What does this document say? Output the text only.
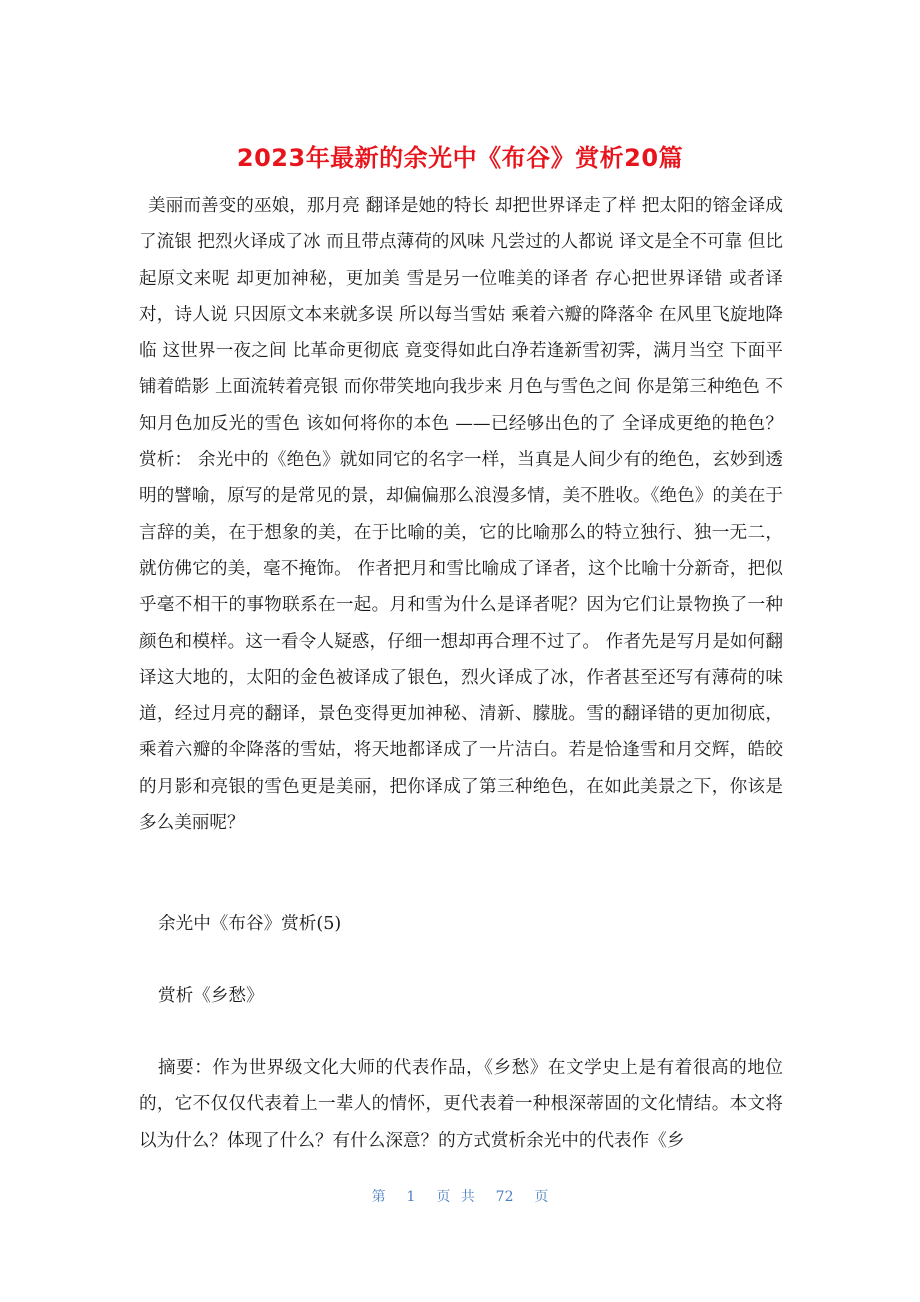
2023年最新的余光中《布谷》赏析20篇

美丽而善变的巫娘，那月亮 翻译是她的特长 却把世界译走了样 把太阳的镕金译成了流银 把烈火译成了冰 而且带点薄荷的风味 凡尝过的人都说 译文是全不可靠 但比起原文来呢 却更加神秘，更加美 雪是另一位唯美的译者 存心把世界译错 或者译对，诗人说 只因原文本来就多误 所以每当雪姑 乘着六瓣的降落伞 在风里飞旋地降临 这世界一夜之间 比革命更彻底 竟变得如此白净若逢新雪初霁，满月当空 下面平铺着皓影 上面流转着亮银 而你带笑地向我步来 月色与雪色之间 你是第三种绝色 不知月色加反光的雪色 该如何将你的本色 ——已经够出色的了 全译成更绝的艳色？ 赏析： 余光中的《绝色》就如同它的名字一样，当真是人间少有的绝色，玄妙到透明的譬喻，原写的是常见的景，却偏偏那么浪漫多情，美不胜收。《绝色》的美在于言辞的美，在于想象的美，在于比喻的美，它的比喻那么的特立独行、独一无二，就仿佛它的美，毫不掩饰。 作者把月和雪比喻成了译者，这个比喻十分新奇，把似乎毫不相干的事物联系在一起。月和雪为什么是译者呢？因为它们让景物换了一种颜色和模样。这一看令人疑惑，仔细一想却再合理不过了。 作者先是写月是如何翻译这大地的，太阳的金色被译成了银色，烈火译成了冰，作者甚至还写有薄荷的味道，经过月亮的翻译，景色变得更加神秘、清新、朦胧。雪的翻译错的更加彻底，乘着六瓣的伞降落的雪姑，将天地都译成了一片洁白。若是恰逢雪和月交辉，皓皎的月影和亮银的雪色更是美丽，把你译成了第三种绝色，在如此美景之下，你该是多么美丽呢？

余光中《布谷》赏析(5)

赏析《乡愁》

摘要：作为世界级文化大师的代表作品，《乡愁》在文学史上是有着很高的地位的，它不仅仅代表着上一辈人的情怀，更代表着一种根深蒂固的文化情结。本文将以为什么？体现了什么？有什么深意？的方式赏析余光中的代表作《乡

第  1  页 共  72  页
